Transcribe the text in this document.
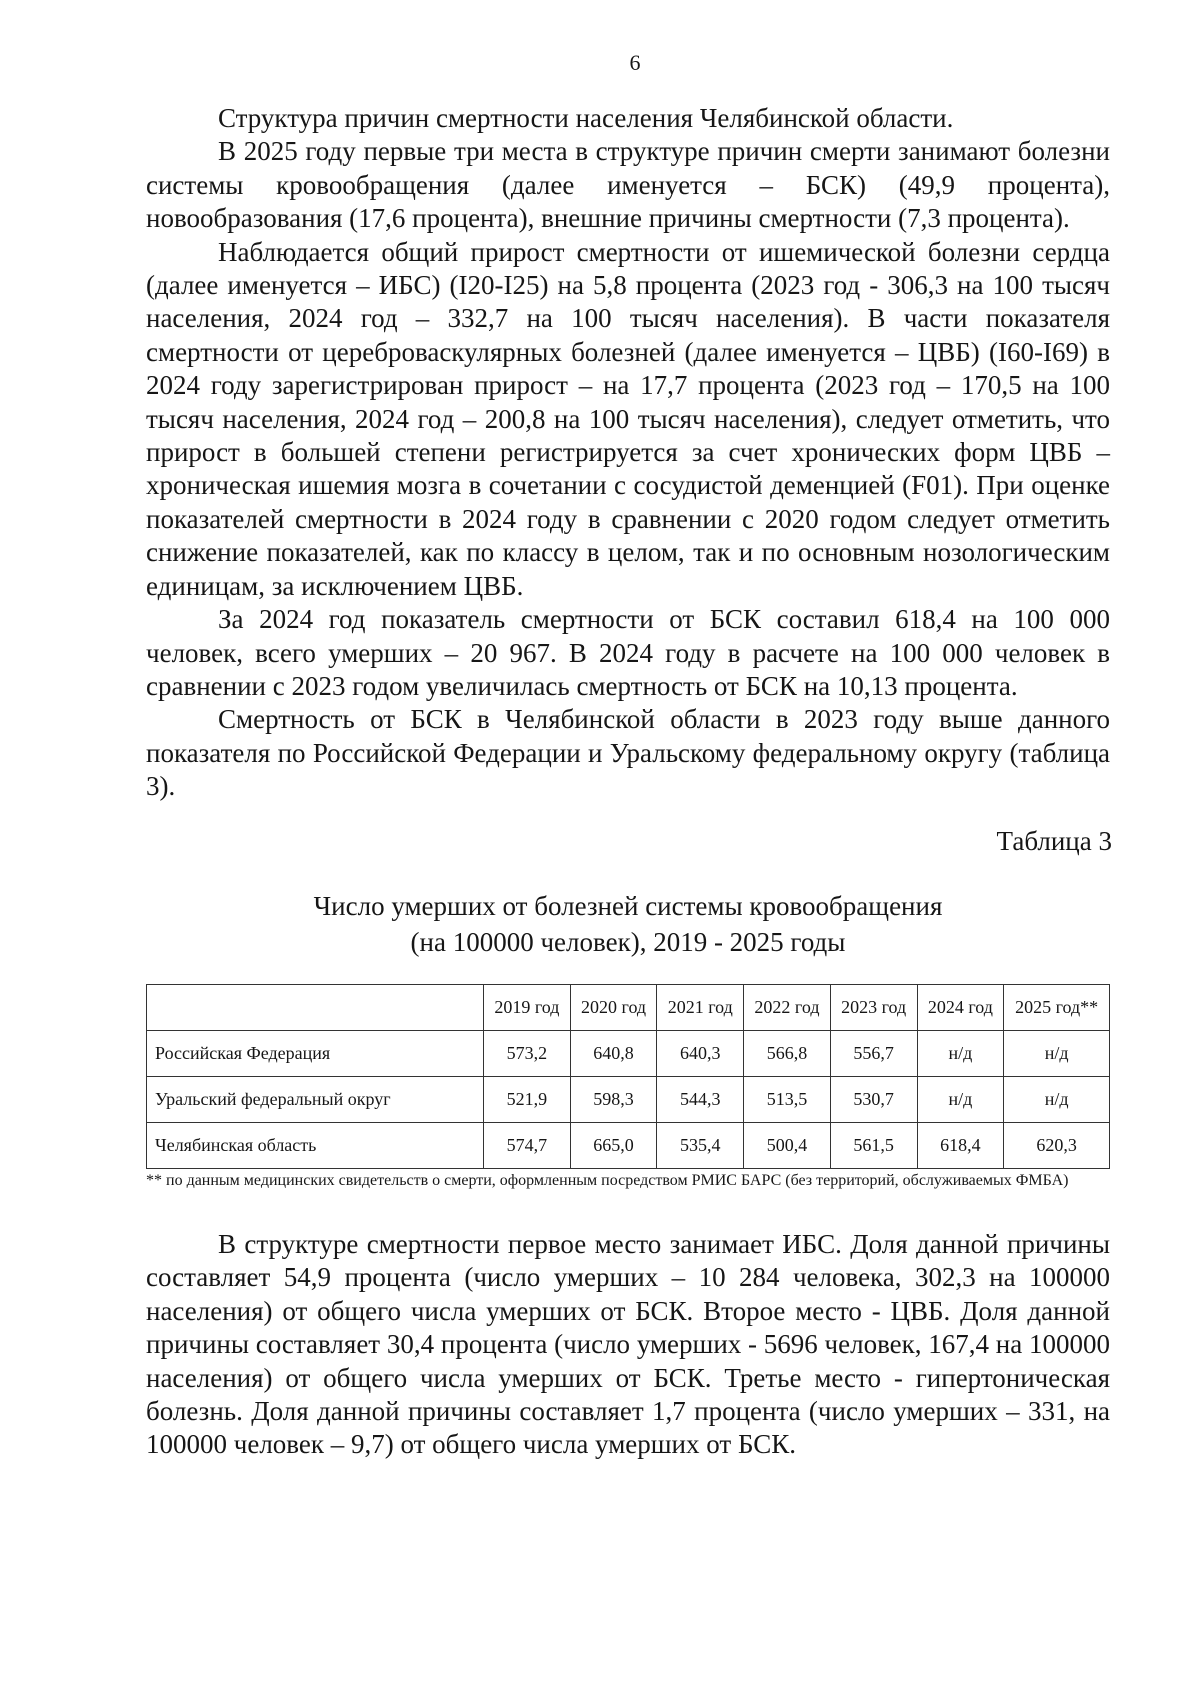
6

Структура причин смертности населения Челябинской области.

В 2025 году первые три места в структуре причин смерти занимают болезни системы кровообращения (далее именуется – БСК) (49,9 процента), новообразования (17,6 процента), внешние причины смертности (7,3 процента).

Наблюдается общий прирост смертности от ишемической болезни сердца (далее именуется – ИБС) (I20-I25) на 5,8 процента (2023 год - 306,3 на 100 тысяч населения, 2024 год – 332,7 на 100 тысяч населения). В части показателя смертности от цереброваскулярных болезней (далее именуется – ЦВБ) (I60-I69) в 2024 году зарегистрирован прирост – на 17,7 процента (2023 год – 170,5 на 100 тысяч населения, 2024 год – 200,8 на 100 тысяч населения), следует отметить, что прирост в большей степени регистрируется за счет хронических форм ЦВБ – хроническая ишемия мозга в сочетании с сосудистой деменцией (F01). При оценке показателей смертности в 2024 году в сравнении с 2020 годом следует отметить снижение показателей, как по классу в целом, так и по основным нозологическим единицам, за исключением ЦВБ.

За 2024 год показатель смертности от БСК составил 618,4 на 100 000 человек, всего умерших – 20 967. В 2024 году в расчете на 100 000 человек в сравнении с 2023 годом увеличилась смертность от БСК на 10,13 процента.

Смертность от БСК в Челябинской области в 2023 году выше данного показателя по Российской Федерации и Уральскому федеральному округу (таблица 3).

Таблица 3
Число умерших от болезней системы кровообращения
(на 100000 человек), 2019 - 2025 годы
	2019 год	2020 год	2021 год	2022 год	2023 год	2024 год	2025 год**
Российская Федерация	573,2	640,8	640,3	566,8	556,7	н/д	н/д
Уральский федеральный округ	521,9	598,3	544,3	513,5	530,7	н/д	н/д
Челябинская область	574,7	665,0	535,4	500,4	561,5	618,4	620,3
** по данным медицинских свидетельств о смерти, оформленным посредством РМИС БАРС (без территорий, обслуживаемых ФМБА)

В структуре смертности первое место занимает ИБС. Доля данной причины составляет 54,9 процента (число умерших – 10 284 человека, 302,3 на 100000 населения) от общего числа умерших от БСК. Второе место - ЦВБ. Доля данной причины составляет 30,4 процента (число умерших - 5696 человек, 167,4 на 100000 населения) от общего числа умерших от БСК. Третье место - гипертоническая болезнь. Доля данной причины составляет 1,7 процента (число умерших – 331, на 100000 человек – 9,7) от общего числа умерших от БСК.
